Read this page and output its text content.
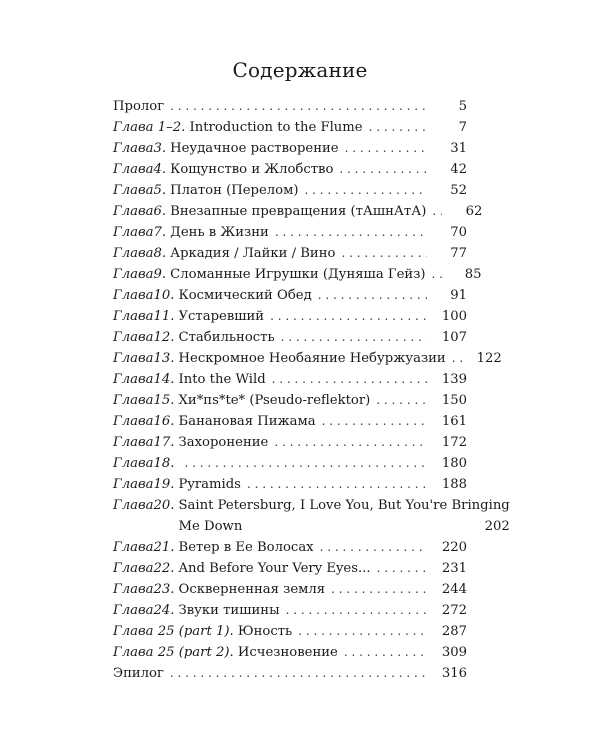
Содержание
Пролог . . .	5
Глава 1–2. Introduction to the Flume . . .	7
Глава 3. Неудачное растворение . . .	31
Глава 4. Кощунство и Жлобство . . .	42
Глава 5. Платон (Перелом) . . .	52
Глава 6. Внезапные превращения (тАшнАтА) . . .	62
Глава 7. День в Жизни . . .	70
Глава 8. Аркадия / Лайки / Вино . . .	77
Глава 9. Сломанные Игрушки (Дуняша Гейз) . . .	85
Глава 10. Космический Обед . . .	91
Глава 11. Устаревший . . .	100
Глава 12. Стабильность . . .	107
Глава 13. Нескромное Необаяние Небуржуазии . . .	122
Глава 14. Into the Wild . . .	139
Глава 15. Хи*пs*te* (Pseudo-reflektor) . . .	150
Глава 16. Банановая Пижама . . .	161
Глава 17. Захоронение . . .	172
Глава 18. . . .	180
Глава 19. Pyramids . . .	188
Глава 20. Saint Petersburg, I Love You, But You're Bringing
Me Down	202
Глава 21. Ветер в Ее Волосах . . .	220
Глава 22. And Before Your Very Eyes... . . .	231
Глава 23. Оскверненная земля . . .	244
Глава 24. Звуки тишины . . .	272
Глава 25 (part 1). Юность . . .	287
Глава 25 (part 2). Исчезновение . . .	309
Эпилог . . .	316
